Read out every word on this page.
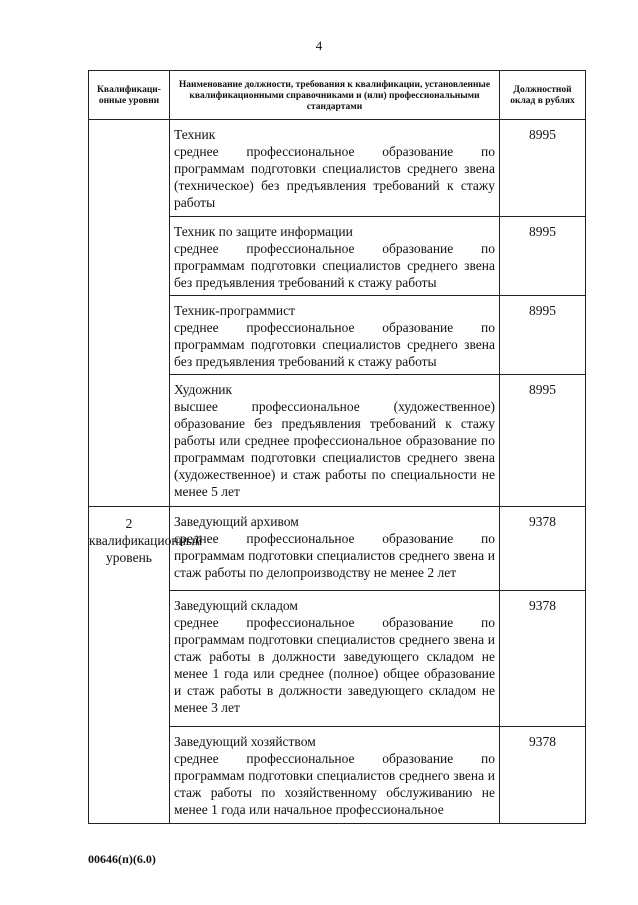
4
Квалификаци-онные уровни	Наименование должности, требования к квалификации, установленные квалификационными справочниками и (или) профессиональными стандартами	Должностной оклад в рублях

	Техник
среднее профессиональное образование по программам подготовки специалистов среднего звена (техническое) без предъявления требований к стажу работы	8995

	Техник по защите информации
среднее профессиональное образование по программам подготовки специалистов среднего звена без предъявления требований к стажу работы	8995

	Техник-программист
среднее профессиональное образование по программам подготовки специалистов среднего звена без предъявления требований к стажу работы	8995

	Художник
высшее профессиональное (художественное) образование без предъявления требований к стажу работы или среднее профессиональное образование по программам подготовки специалистов среднего звена (художественное) и стаж работы по специальности не менее 5 лет	8995
2 квалификационный уровень	Заведующий архивом
среднее профессиональное образование по программам подготовки специалистов среднего звена и стаж работы по делопроизводству не менее 2 лет	9378

	Заведующий складом
среднее профессиональное образование по программам подготовки специалистов среднего звена и стаж работы в должности заведующего складом не менее 1 года или среднее (полное) общее образование и стаж работы в должности заведующего складом не менее 3 лет	9378

	Заведующий хозяйством
среднее профессиональное образование по программам подготовки специалистов среднего звена и стаж работы по хозяйственному обслуживанию не менее 1 года или начальное профессиональное	9378
00646(п)(6.0)
